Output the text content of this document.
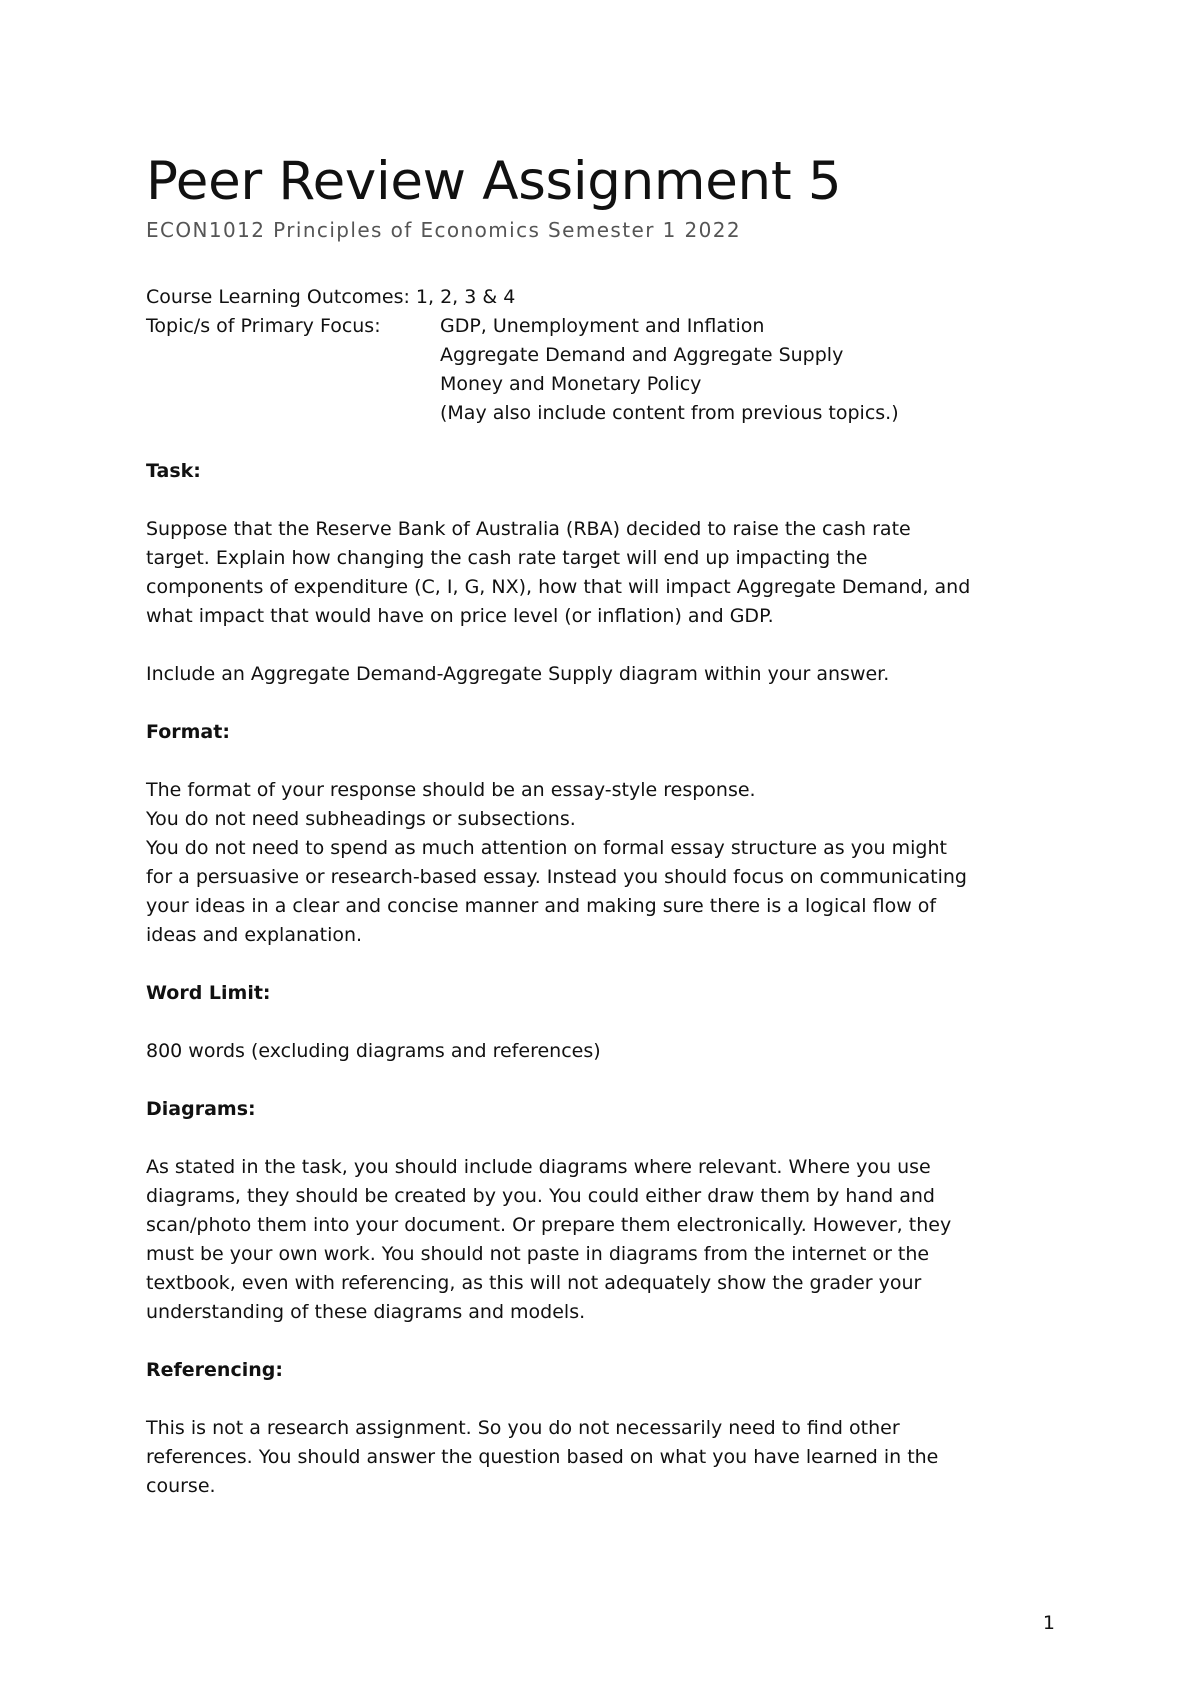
Peer Review Assignment 5
ECON1012 Principles of Economics Semester 1 2022
Course Learning Outcomes: 1, 2, 3 & 4
Topic/s of Primary Focus:	GDP, Unemployment and Inflation
Aggregate Demand and Aggregate Supply
Money and Monetary Policy
(May also include content from previous topics.)

Task:

Suppose that the Reserve Bank of Australia (RBA) decided to raise the cash rate

target. Explain how changing the cash rate target will end up impacting the

components of expenditure (C, I, G, NX), how that will impact Aggregate Demand, and

what impact that would have on price level (or inflation) and GDP.

Include an Aggregate Demand-Aggregate Supply diagram within your answer.

Format:

The format of your response should be an essay-style response.

You do not need subheadings or subsections.

You do not need to spend as much attention on formal essay structure as you might

for a persuasive or research-based essay. Instead you should focus on communicating

your ideas in a clear and concise manner and making sure there is a logical flow of

ideas and explanation.

Word Limit:

800 words (excluding diagrams and references)

Diagrams:

As stated in the task, you should include diagrams where relevant. Where you use

diagrams, they should be created by you. You could either draw them by hand and

scan/photo them into your document. Or prepare them electronically. However, they

must be your own work. You should not paste in diagrams from the internet or the

textbook, even with referencing, as this will not adequately show the grader your

understanding of these diagrams and models.

Referencing:

This is not a research assignment. So you do not necessarily need to find other

references. You should answer the question based on what you have learned in the

course.

1
